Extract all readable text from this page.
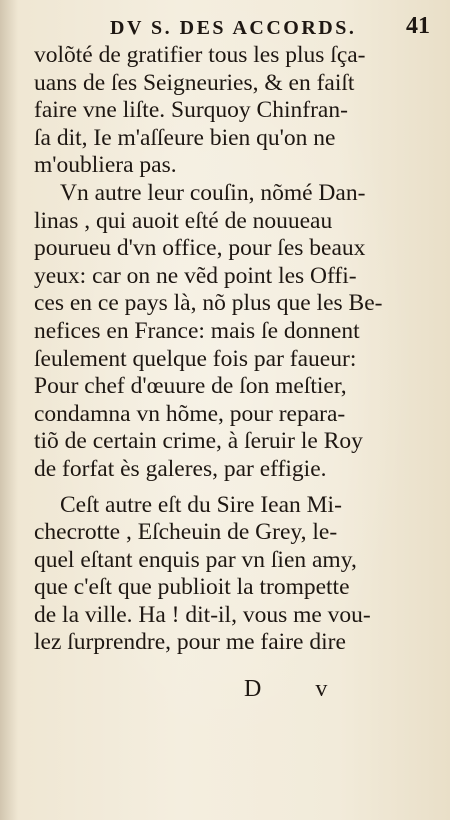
DV S. DES ACCORDS. 41
volõté de gratifier tous les plus ſça-
uans de ſes Seigneuries, & en faiſt
faire vne liſte. Surquoy Chinfran-
ſa dit, Ie m'aſſeure bien qu'on ne
m'oubliera pas.
Vn autre leur couſin, nõmé Dan-
linas , qui auoit eſté de nouueau
pourueu d'vn office, pour ſes beaux
yeux: car on ne vẽd point les Offi-
ces en ce pays là, nõ plus que les Be-
nefices en France: mais ſe donnent
ſeulement quelque fois par faueur:
Pour chef d'œuure de ſon meſtier,
condamna vn hõme, pour repara-
tiõ de certain crime, à ſeruir le Roy
de forfat ès galeres, par effigie.
Ceſt autre eſt du Sire Iean Mi-
checrotte , Eſcheuin de Grey, le-
quel eſtant enquis par vn ſien amy,
que c'eſt que publioit la trompette
de la ville. Ha ! dit-il, vous me vou-
lez ſurprendre, pour me faire dire
D v
